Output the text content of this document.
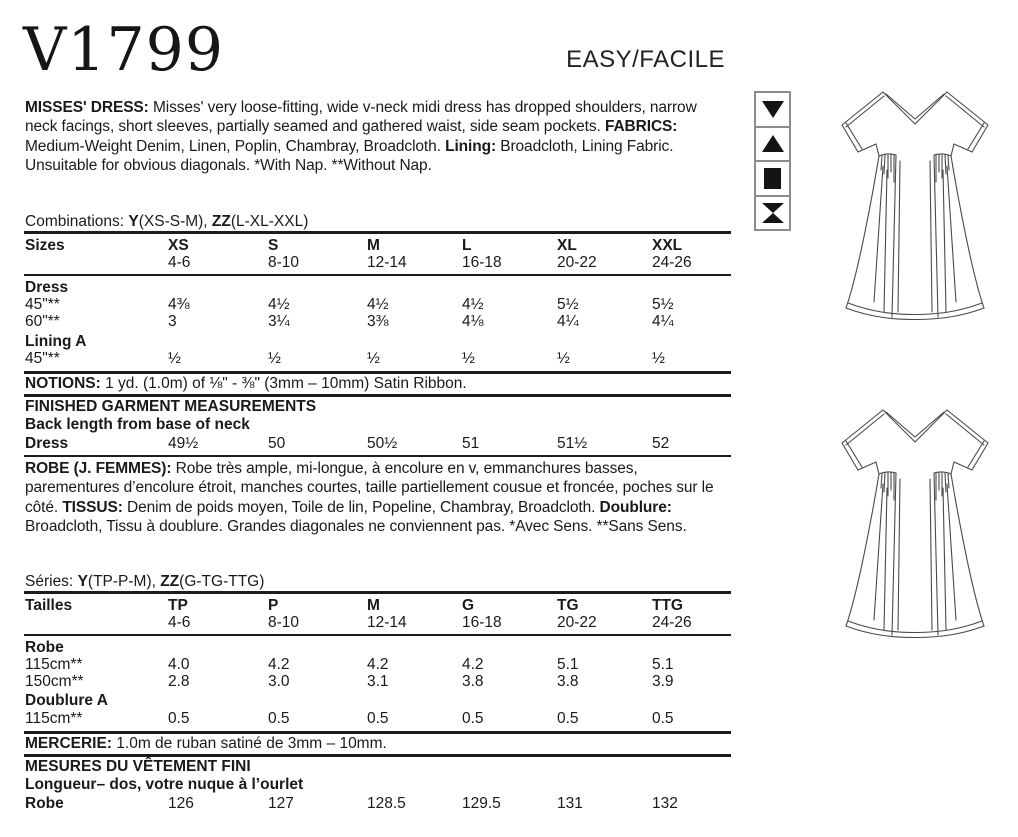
V1799	EASY/FACILE
MISSES' DRESS: Misses' very loose-fitting, wide v-neck midi dress has dropped shoulders, narrow neck facings, short sleeves, partially seamed and gathered waist, side seam pockets. FABRICS: Medium-Weight Denim, Linen, Poplin, Chambray, Broadcloth. Lining: Broadcloth, Lining Fabric. Unsuitable for obvious diagonals. *With Nap. **Without Nap.
Combinations: Y(XS-S-M), ZZ(L-XL-XXL)
Sizes	XS	S	M	L	XL	XXL
4-6	8-10	12-14	16-18	20-22	24-26
Dress
45"**	4⅜	4½	4½	4½	5½	5½
60"**	3	3¼	3⅜	4⅛	4¼	4¼
Lining A
45"**	½	½	½	½	½	½
NOTIONS: 1 yd. (1.0m) of ⅛" - ⅜" (3mm – 10mm) Satin Ribbon.
FINISHED GARMENT MEASUREMENTS
Back length from base of neck
Dress	49½	50	50½	51	51½	52
ROBE (J. FEMMES): Robe très ample, mi-longue, à encolure en v, emmanchures basses, parementures d’encolure étroit, manches courtes, taille partiellement cousue et froncée, poches sur le côté. TISSUS: Denim de poids moyen, Toile de lin, Popeline, Chambray, Broadcloth. Doublure: Broadcloth, Tissu à doublure. Grandes diagonales ne conviennent pas. *Avec Sens. **Sans Sens.
Séries: Y(TP-P-M), ZZ(G-TG-TTG)
Tailles	TP	P	M	G	TG	TTG
4-6	8-10	12-14	16-18	20-22	24-26
Robe
115cm**	4.0	4.2	4.2	4.2	5.1	5.1
150cm**	2.8	3.0	3.1	3.8	3.8	3.9
Doublure A
115cm**	0.5	0.5	0.5	0.5	0.5	0.5
MERCERIE: 1.0m de ruban satiné de 3mm – 10mm.
MESURES DU VÊTEMENT FINI
Longueur– dos, votre nuque à l’ourlet
Robe	126	127	128.5	129.5	131	132
